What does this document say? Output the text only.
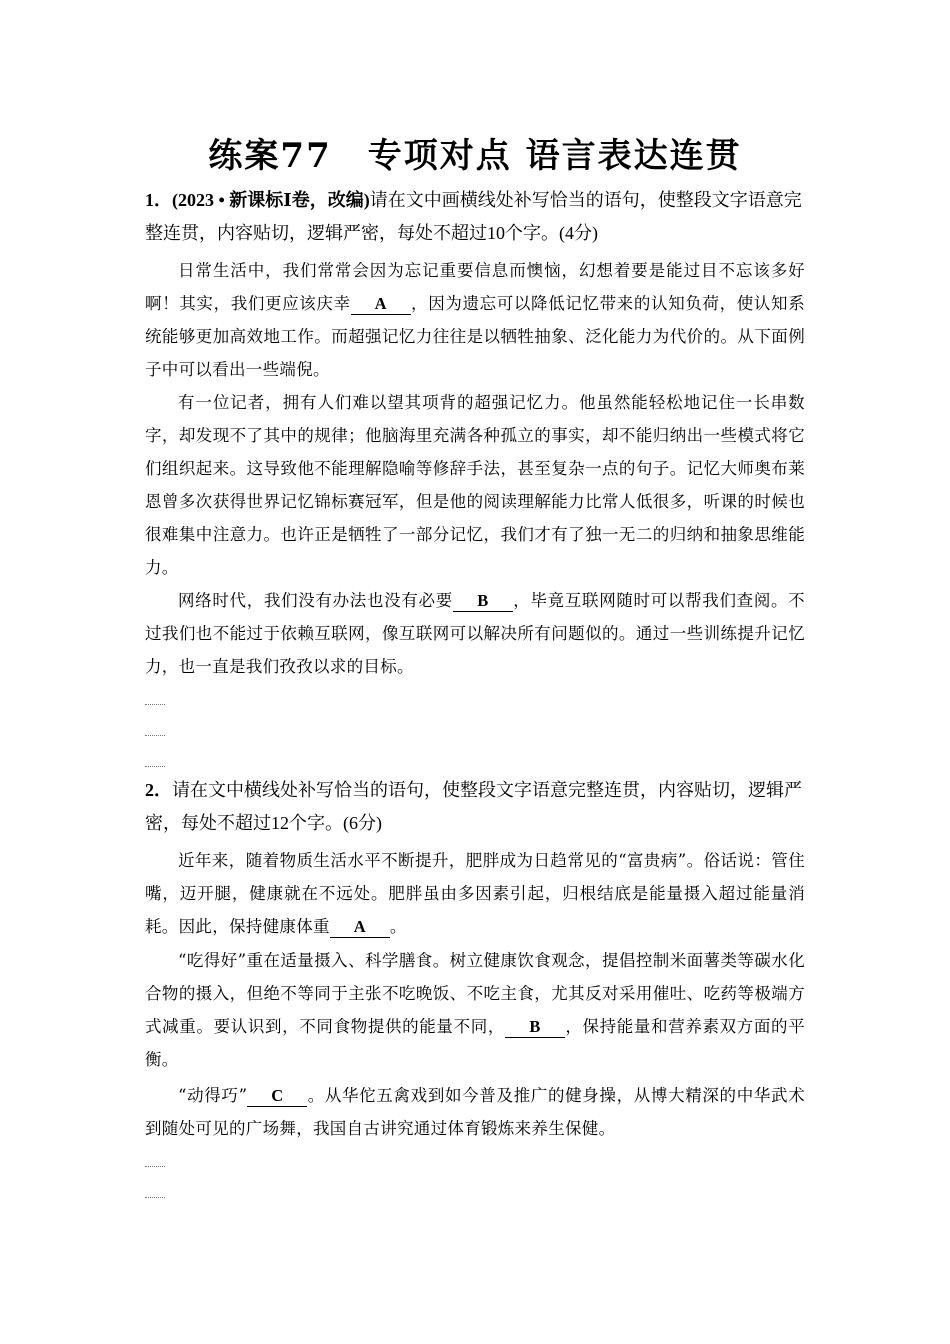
练案77　专项对点 语言表达连贯
1．(2023 • 新课标Ⅰ卷，改编)请在文中画横线处补写恰当的语句，使整段文字语意完整连贯，内容贴切，逻辑严密，每处不超过10个字。(4分)
日常生活中，我们常常会因为忘记重要信息而懊恼，幻想着要是能过目不忘该多好啊！其实，我们更应该庆幸 A ，因为遗忘可以降低记忆带来的认知负荷，使认知系统能够更加高效地工作。而超强记忆力往往是以牺牲抽象、泛化能力为代价的。从下面例子中可以看出一些端倪。
有一位记者，拥有人们难以望其项背的超强记忆力。他虽然能轻松地记住一长串数字，却发现不了其中的规律；他脑海里充满各种孤立的事实，却不能归纳出一些模式将它们组织起来。这导致他不能理解隐喻等修辞手法，甚至复杂一点的句子。记忆大师奥布莱恩曾多次获得世界记忆锦标赛冠军，但是他的阅读理解能力比常人低很多，听课的时候也很难集中注意力。也许正是牺牲了一部分记忆，我们才有了独一无二的归纳和抽象思维能力。
网络时代，我们没有办法也没有必要 B ，毕竟互联网随时可以帮我们查阅。不过我们也不能过于依赖互联网，像互联网可以解决所有问题似的。通过一些训练提升记忆力，也一直是我们孜孜以求的目标。
2．请在文中横线处补写恰当的语句，使整段文字语意完整连贯，内容贴切，逻辑严密，每处不超过12个字。(6分)
近年来，随着物质生活水平不断提升，肥胖成为日趋常见的“富贵病”。俗话说：管住嘴，迈开腿，健康就在不远处。肥胖虽由多因素引起，归根结底是能量摄入超过能量消耗。因此，保持健康体重 A 。
“吃得好”重在适量摄入、科学膳食。树立健康饮食观念，提倡控制米面薯类等碳水化合物的摄入，但绝不等同于主张不吃晚饭、不吃主食，尤其反对采用催吐、吃药等极端方式减重。要认识到，不同食物提供的能量不同， B ，保持能量和营养素双方面的平衡。
“动得巧” C 。从华佗五禽戏到如今普及推广的健身操，从博大精深的中华武术到随处可见的广场舞，我国自古讲究通过体育锻炼来养生保健。
